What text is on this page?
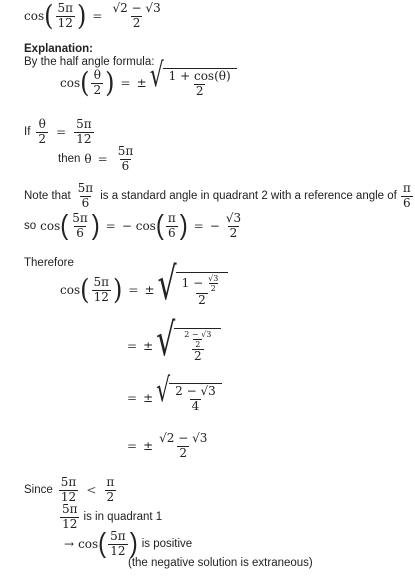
cos ( $\frac{5\pi}{12}$ ) = $\frac{√2 - √3}{2}$
Explanation:
By the half angle formula:
cos ( $\frac{\theta}{2}$ ) = ± √ $\frac{1 + \cos(\theta)}{2}$
If $\frac{\theta}{2} = \frac{5\pi}{12}$
then $\theta = \frac{5\pi}{6}$
Note that $\frac{5\pi}{6}$ is a standard angle in quadrant 2 with a reference angle of $\frac{\pi}{6}$
so cos ( $\frac{5\pi}{6}$ ) = − cos ( $\frac{\pi}{6}$ ) = − $\frac{√3}{2}$
Therefore
cos ( $\frac{5\pi}{12}$ ) = ± √ $\frac{1 - \frac{√3}{2}}{2}$
= ± √ $\frac{\frac{2 - √3}{2}}{2}$
= ± √ $\frac{2 - √3}{4}$
= ± $\frac{√2 - √3}{2}$
Since $\frac{5\pi}{12} < \frac{\pi}{2}$
$\frac{5\pi}{12}$ is in quadrant 1
→ cos ( $\frac{5\pi}{12}$ ) is positive
(the negative solution is extraneous)
